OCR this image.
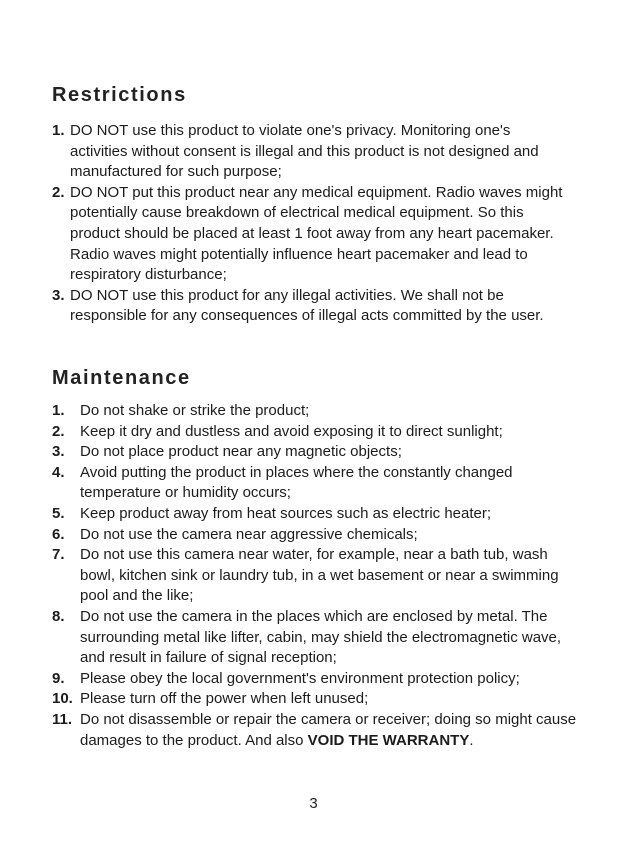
Restrictions
1. DO NOT use this product to violate one's privacy. Monitoring one's activities without consent is illegal and this product is not designed and manufactured for such purpose;
2. DO NOT put this product near any medical equipment. Radio waves might potentially cause breakdown of electrical medical equipment. So this product should be placed at least 1 foot away from any heart pacemaker. Radio waves might potentially influence heart pacemaker and lead to respiratory disturbance;
3. DO NOT use this product for any illegal activities. We shall not be responsible for any consequences of illegal acts committed by the user.
Maintenance
1. Do not shake or strike the product;
2. Keep it dry and dustless and avoid exposing it to direct sunlight;
3. Do not place product near any magnetic objects;
4. Avoid putting the product in places where the constantly changed temperature or humidity occurs;
5. Keep product away from heat sources such as electric heater;
6. Do not use the camera near aggressive chemicals;
7. Do not use this camera near water, for example, near a bath tub, wash bowl, kitchen sink or laundry tub, in a wet basement or near a swimming pool and the like;
8. Do not use the camera in the places which are enclosed by metal. The surrounding metal like lifter, cabin, may shield the electromagnetic wave, and result in failure of signal reception;
9. Please obey the local government's environment protection policy;
10. Please turn off the power when left unused;
11. Do not disassemble or repair the camera or receiver; doing so might cause damages to the product. And also VOID THE WARRANTY.
3
